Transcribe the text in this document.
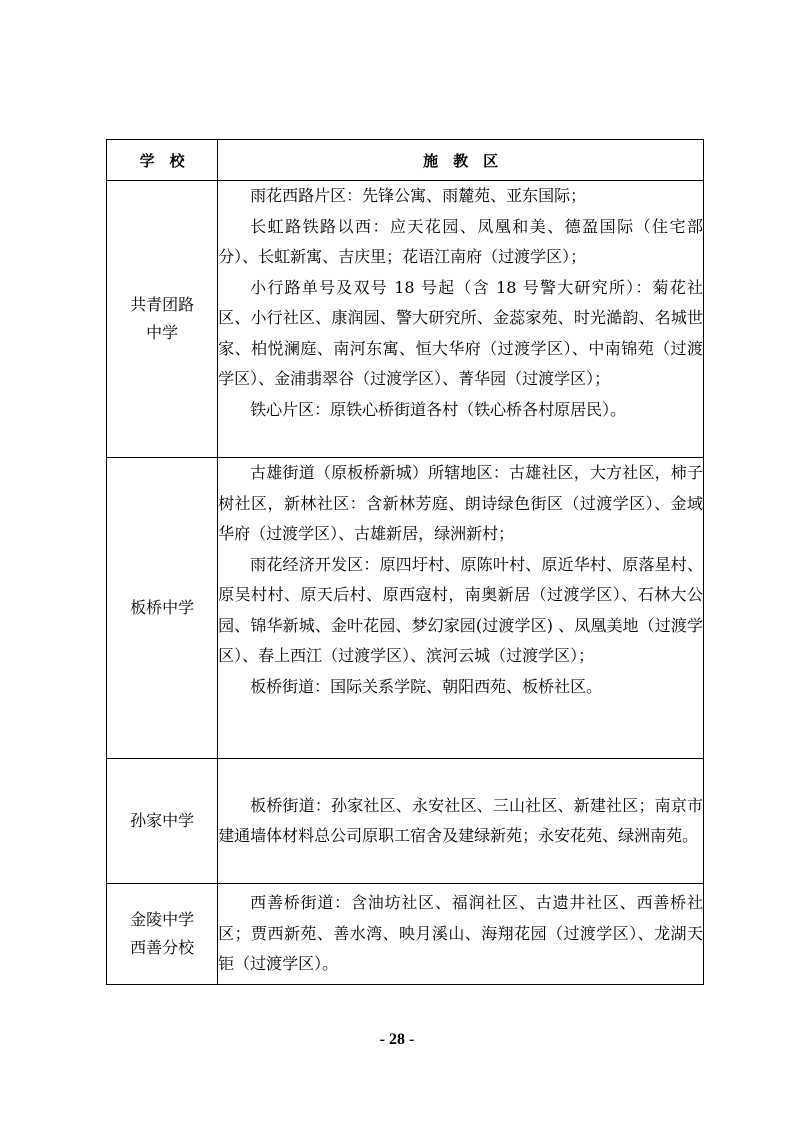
学　校	施　教　区

共青团路
中学	雨花西路片区：先锋公寓、雨麓苑、亚东国际；
长虹路铁路以西：应天花园、凤凰和美、德盈国际（住宅部分）、长虹新寓、吉庆里；花语江南府（过渡学区）；
小行路单号及双号 18 号起（含 18 号警大研究所）：菊花社区、小行社区、康润园、警大研究所、金蕊家苑、时光澔韵、名城世家、柏悦澜庭、南河东寓、恒大华府（过渡学区）、中南锦苑（过渡学区）、金浦翡翠谷（过渡学区）、菁华园（过渡学区）；
铁心片区：原铁心桥街道各村（铁心桥各村原居民）。

板桥中学	古雄街道（原板桥新城）所辖地区：古雄社区，大方社区，柿子树社区，新林社区：含新林芳庭、朗诗绿色街区（过渡学区）、金域华府（过渡学区）、古雄新居，绿洲新村；
雨花经济开发区：原四圩村、原陈叶村、原近华村、原落星村、原吴村村、原天后村、原西寇村，南奥新居（过渡学区）、石林大公园、锦华新城、金叶花园、梦幻家园(过渡学区) 、凤凰美地（过渡学区）、春上西江（过渡学区）、滨河云城（过渡学区）；
板桥街道：国际关系学院、朝阳西苑、板桥社区。

孙家中学	板桥街道：孙家社区、永安社区、三山社区、新建社区；南京市建通墙体材料总公司原职工宿舍及建绿新苑；永安花苑、绿洲南苑。

金陵中学
西善分校	西善桥街道：含油坊社区、福润社区、古遗井社区、西善桥社区；贾西新苑、善水湾、映月溪山、海翔花园（过渡学区）、龙湖天钜（过渡学区）。
- 28 -
